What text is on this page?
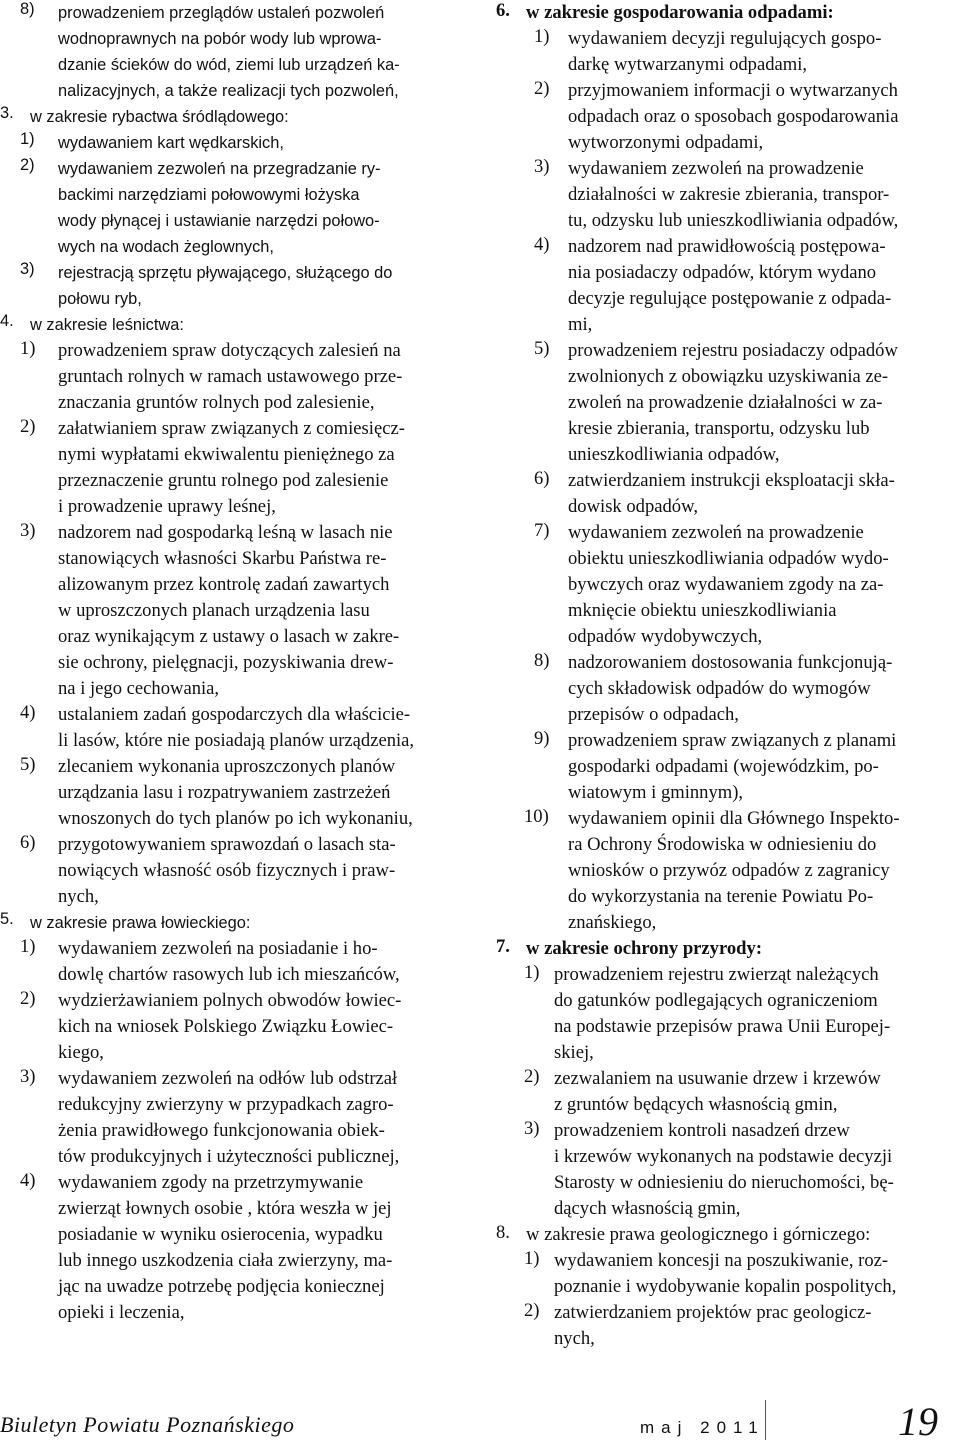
8)	prowadzeniem przeglądów ustaleń pozwoleń
wodnoprawnych na pobór wody lub wprowa-
dzanie ścieków do wód, ziemi lub urządzeń ka-
nalizacyjnych, a także realizacji tych pozwoleń,
3. w zakresie rybactwa śródlądowego:
1)	wydawaniem kart wędkarskich,
2)	wydawaniem zezwoleń na przegradzanie ry-
backimi narzędziami połowowymi łożyska
wody płynącej i ustawianie narzędzi połowo-
wych na wodach żeglownych,
3)	rejestracją sprzętu pływającego, służącego do
połowu ryb,
4. w zakresie leśnictwa:
1)	prowadzeniem spraw dotyczących zalesień na
gruntach rolnych w ramach ustawowego prze-
znaczania gruntów rolnych pod zalesienie,
2)	załatwianiem spraw związanych z comiesięcz-
nymi wypłatami ekwiwalentu pieniężnego za
przeznaczenie gruntu rolnego pod zalesienie
i prowadzenie uprawy leśnej,
3)	nadzorem nad gospodarką leśną w lasach nie
stanowiących własności Skarbu Państwa re-
alizowanym przez kontrolę zadań zawartych
w uproszczonych planach urządzenia lasu
oraz wynikającym z ustawy o lasach w zakre-
sie ochrony, pielęgnacji, pozyskiwania drew-
na i jego cechowania,
4)	ustalaniem zadań gospodarczych dla właścicie-
li lasów, które nie posiadają planów urządzenia,
5)	zlecaniem wykonania uproszczonych planów
urządzania lasu i rozpatrywaniem zastrzeżeń
wnoszonych do tych planów po ich wykonaniu,
6)	przygotowywaniem sprawozdań o lasach sta-
nowiących własność osób fizycznych i praw-
nych,
5. w zakresie prawa łowieckiego:
1)	wydawaniem zezwoleń na posiadanie i ho-
dowlę chartów rasowych lub ich mieszańców,
2)	wydzierżawianiem polnych obwodów łowiec-
kich na wniosek Polskiego Związku Łowiec-
kiego,
3)	wydawaniem zezwoleń na odłów lub odstrzał
redukcyjny zwierzyny w przypadkach zagro-
żenia prawidłowego funkcjonowania obiek-
tów produkcyjnych i użyteczności publicznej,
4)	wydawaniem zgody na przetrzymywanie
zwierząt łownych osobie , która weszła w jej
posiadanie w wyniku osierocenia, wypadku
lub innego uszkodzenia ciała zwierzyny, ma-
jąc na uwadze potrzebę podjęcia koniecznej
opieki i leczenia,
6. w zakresie gospodarowania odpadami:
1) wydawaniem decyzji regulujących gospo-
darkę wytwarzanymi odpadami,
2) przyjmowaniem informacji o wytwarzanych
odpadach oraz o sposobach gospodarowania
wytworzonymi odpadami,
3) wydawaniem zezwoleń na prowadzenie
działalności w zakresie zbierania, transpor-
tu, odzysku lub unieszkodliwiania odpadów,
4) nadzorem nad prawidłowością postępowa-
nia posiadaczy odpadów, którym wydano
decyzje regulujące postępowanie z odpada-
mi,
5) prowadzeniem rejestru posiadaczy odpadów
zwolnionych z obowiązku uzyskiwania ze-
zwoleń na prowadzenie działalności w za-
kresie zbierania, transportu, odzysku lub
unieszkodliwiania odpadów,
6) zatwierdzaniem instrukcji eksploatacji skła-
dowisk odpadów,
7) wydawaniem zezwoleń na prowadzenie
obiektu unieszkodliwiania odpadów wydo-
bywczych oraz wydawaniem zgody na za-
mknięcie obiektu unieszkodliwiania
odpadów wydobywczych,
8) nadzorowaniem dostosowania funkcjonują-
cych składowisk odpadów do wymogów
przepisów o odpadach,
9) prowadzeniem spraw związanych z planami
gospodarki odpadami (wojewódzkim, po-
wiatowym i gminnym),
10)	wydawaniem opinii dla Głównego Inspekto-
ra Ochrony Środowiska w odniesieniu do
wniosków o przywóz odpadów z zagranicy
do wykorzystania na terenie Powiatu Po-
znańskiego,
7. w zakresie ochrony przyrody:
1) prowadzeniem rejestru zwierząt należących
do gatunków podlegających ograniczeniom
na podstawie przepisów prawa Unii Europej-
skiej,
2) zezwalaniem na usuwanie drzew i krzewów
z gruntów będących własnością gmin,
3) prowadzeniem kontroli nasadzeń drzew
i krzewów wykonanych na podstawie decyzji
Starosty w odniesieniu do nieruchomości, bę-
dących własnością gmin,
8. w zakresie prawa geologicznego i górniczego:
1) wydawaniem koncesji na poszukiwanie, roz-
poznanie i wydobywanie kopalin pospolitych,
2) zatwierdzaniem projektów prac geologicz-
nych,
Biuletyn Powiatu Poznańskiego	maj 2011	19
